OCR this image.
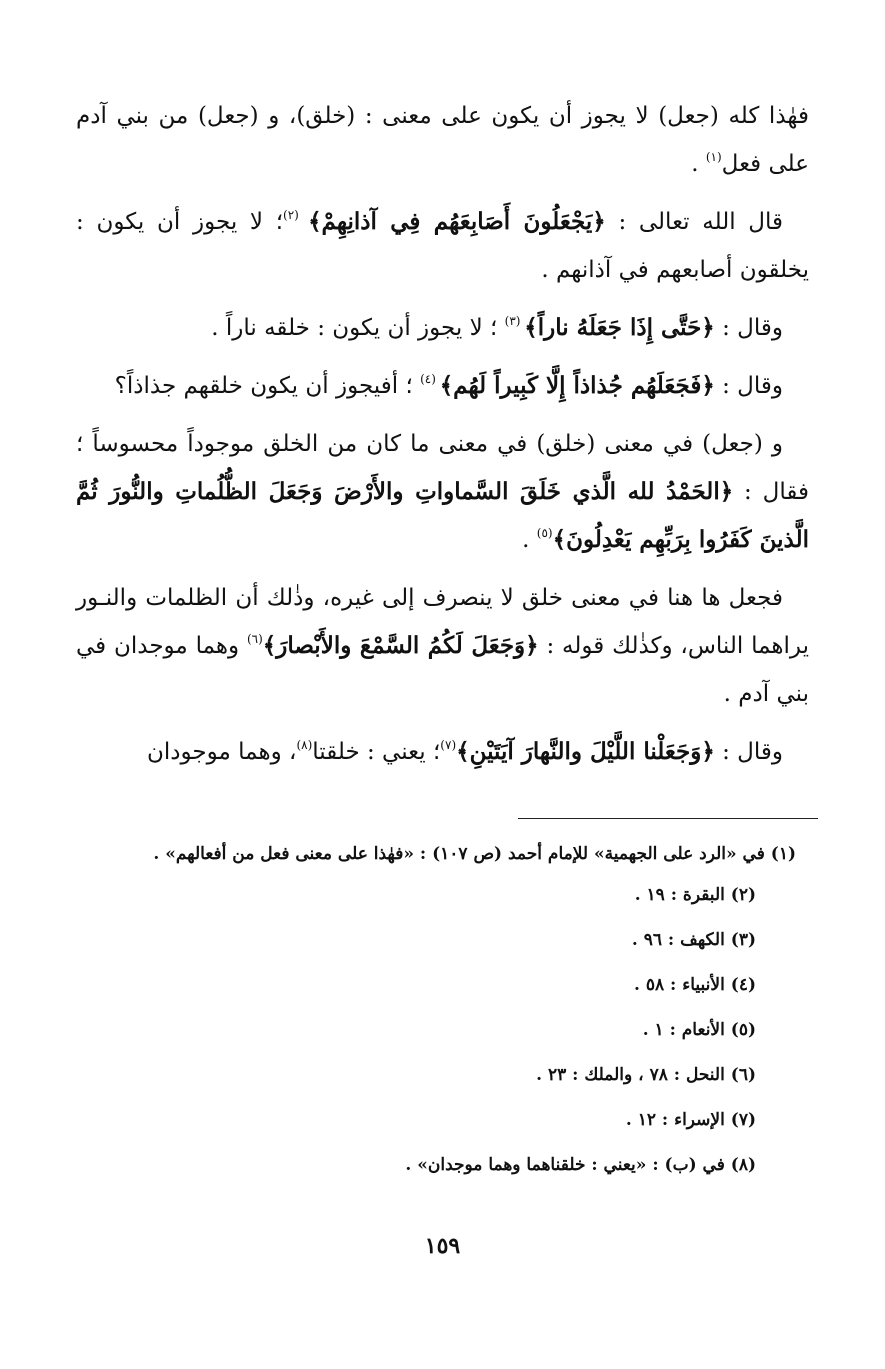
فهٰذا كله (جعل) لا يجوز أن يكون على معنى : (خلق)، و (جعل) من بني آدم على فعل$^{(١)}$ .

قال الله تعالى : ﴿يَجْعَلُونَ أَصَابِعَهُم فِي آذانِهِمْ﴾ $^{(٢)}$؛ لا يجوز أن يكون : يخلقون أصابعهم في آذانهم .

وقال : ﴿حَتَّى إِذَا جَعَلَهُ ناراً﴾ $^{(٣)}$ ؛ لا يجوز أن يكون : خلقه ناراً .

وقال : ﴿فَجَعَلَهُم جُذاذاً إِلَّا كَبِيراً لَهُم﴾ $^{(٤)}$ ؛ أفيجوز أن يكون خلقهم جذاذاً؟

و (جعل) في معنى (خلق) في معنى ما كان من الخلق موجوداً محسوساً ؛ فقال : ﴿الحَمْدُ لله الَّذي خَلَقَ السَّماواتِ والأَرْضَ وَجَعَلَ الظُّلُماتِ والنُّورَ ثُمَّ الَّذينَ كَفَرُوا بِرَبِّهِم يَعْدِلُونَ﴾$^{(٥)}$ .

فجعل ها هنا في معنى خلق لا ينصرف إلى غيره، وذٰلك أن الظلمات والنـور يراهما الناس، وكذٰلك قوله : ﴿وَجَعَلَ لَكُمُ السَّمْعَ والأَبْصارَ﴾$^{(٦)}$ وهما موجدان في بني آدم .

وقال : ﴿وَجَعَلْنا اللَّيْلَ والنَّهارَ آيَتَيْنِ﴾$^{(٧)}$؛ يعني : خلقتا$^{(٨)}$، وهما موجودان

(١) في «الرد على الجهمية» للإمام أحمد (ص ١٠٧) : «فهٰذا على معنى فعل من أفعالهم» .

(٢) البقرة : ١٩ .

(٣) الكهف : ٩٦ .

(٤) الأنبياء : ٥٨ .

(٥) الأنعام : ١ .

(٦) النحل : ٧٨ ، والملك : ٢٣ .

(٧) الإسراء : ١٢ .

(٨) في (ب) : «يعني : خلقناهما وهما موجدان» .

١٥٩
